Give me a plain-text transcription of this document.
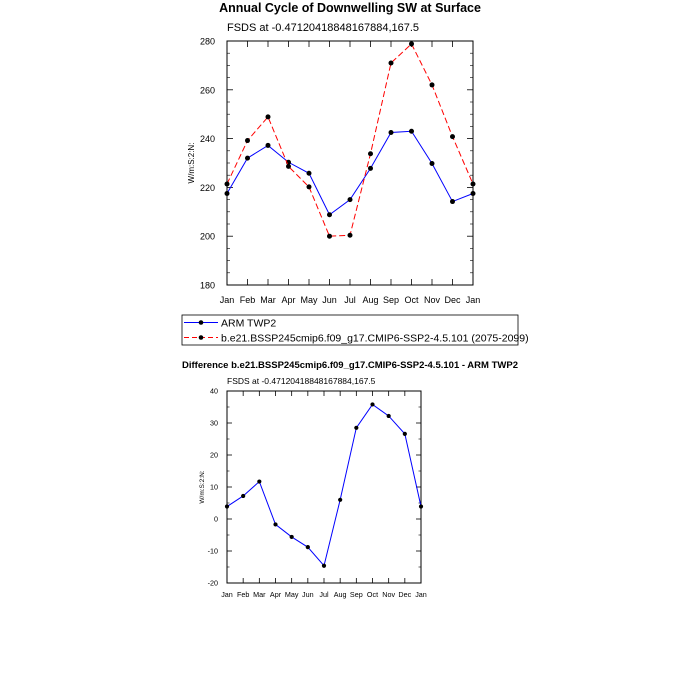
Annual Cycle of Downwelling SW at Surface
FSDS at -0.47120418848167884,167.5
W/m:S:2:N:
Jan Feb Mar Apr May Jun Jul Aug Sep Oct Nov Dec Jan
180
200
220
240
260
280
ARM TWP2
b.e21.BSSP245cmip6.f09_g17.CMIP6-SSP2-4.5.101 (2075-2099)
Difference b.e21.BSSP245cmip6.f09_g17.CMIP6-SSP2-4.5.101 - ARM TWP2
FSDS at -0.47120418848167884,167.5
W/m:S:2:N:
Jan Feb Mar Apr May Jun Jul Aug Sep Oct Nov Dec Jan
-20
-10
0
10
20
30
40
